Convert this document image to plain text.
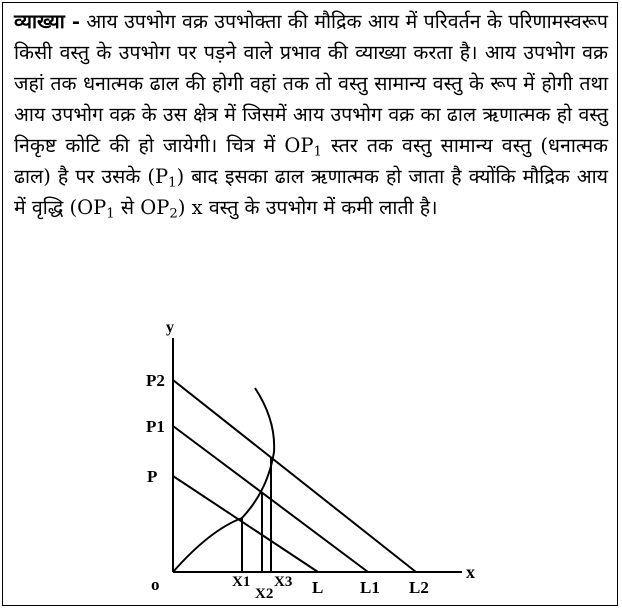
व्याख्या - आय उपभोग वक्र उपभोक्ता की मौद्रिक आय में परिवर्तन के परिणामस्वरूप किसी वस्तु के उपभोग पर पड़ने वाले प्रभाव की व्याख्या करता है। आय उपभोग वक्र जहां तक धनात्मक ढाल की होगी वहां तक तो वस्तु सामान्य वस्तु के रूप में होगी तथा आय उपभोग वक्र के उस क्षेत्र में जिसमें आय उपभोग वक्र का ढाल ऋणात्मक हो वस्तु निकृष्ट कोटि की हो जायेगी। चित्र में $OP_1$ स्तर तक वस्तु सामान्य वस्तु (धनात्मक ढाल) है पर उसके $(P_1)$ बाद इसका ढाल ऋणात्मक हो जाता है क्योंकि मौद्रिक आय में वृद्धि ($OP_1$ से $OP_2$) x वस्तु के उपभोग में कमी लाती है।

y
x
o
P
P1
P2
X1
X2
X3 L L1 L2
